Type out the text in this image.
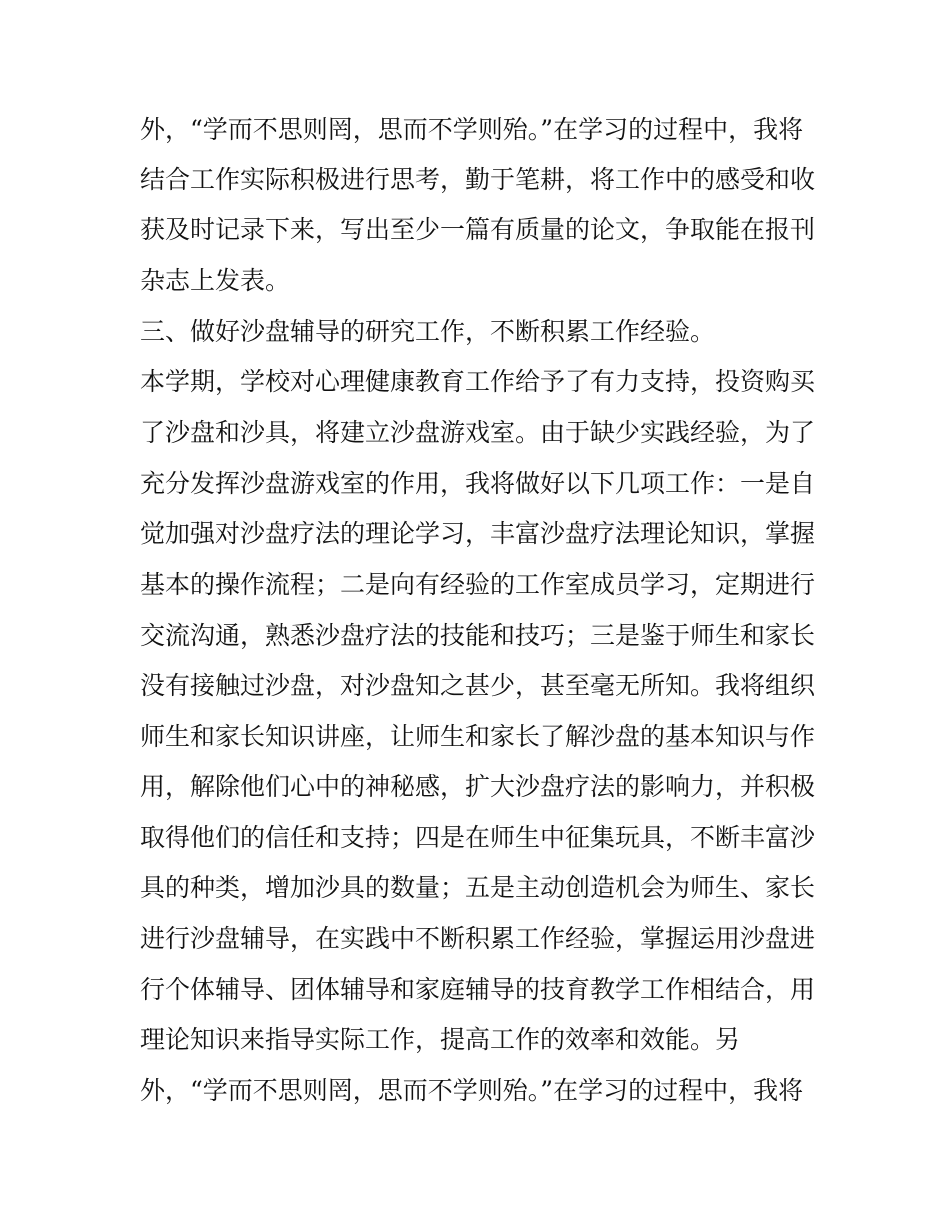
外，“学而不思则罔，思而不学则殆。”在学习的过程中，我将
结合工作实际积极进行思考，勤于笔耕，将工作中的感受和收
获及时记录下来，写出至少一篇有质量的论文，争取能在报刊
杂志上发表。
三、做好沙盘辅导的研究工作，不断积累工作经验。
本学期，学校对心理健康教育工作给予了有力支持，投资购买
了沙盘和沙具，将建立沙盘游戏室。由于缺少实践经验，为了
充分发挥沙盘游戏室的作用，我将做好以下几项工作：一是自
觉加强对沙盘疗法的理论学习，丰富沙盘疗法理论知识，掌握
基本的操作流程；二是向有经验的工作室成员学习，定期进行
交流沟通，熟悉沙盘疗法的技能和技巧；三是鉴于师生和家长
没有接触过沙盘，对沙盘知之甚少，甚至毫无所知。我将组织
师生和家长知识讲座，让师生和家长了解沙盘的基本知识与作
用，解除他们心中的神秘感，扩大沙盘疗法的影响力，并积极
取得他们的信任和支持；四是在师生中征集玩具，不断丰富沙
具的种类，增加沙具的数量；五是主动创造机会为师生、家长
进行沙盘辅导，在实践中不断积累工作经验，掌握运用沙盘进
行个体辅导、团体辅导和家庭辅导的技育教学工作相结合，用
理论知识来指导实际工作，提高工作的效率和效能。另
外，“学而不思则罔，思而不学则殆。”在学习的过程中，我将
